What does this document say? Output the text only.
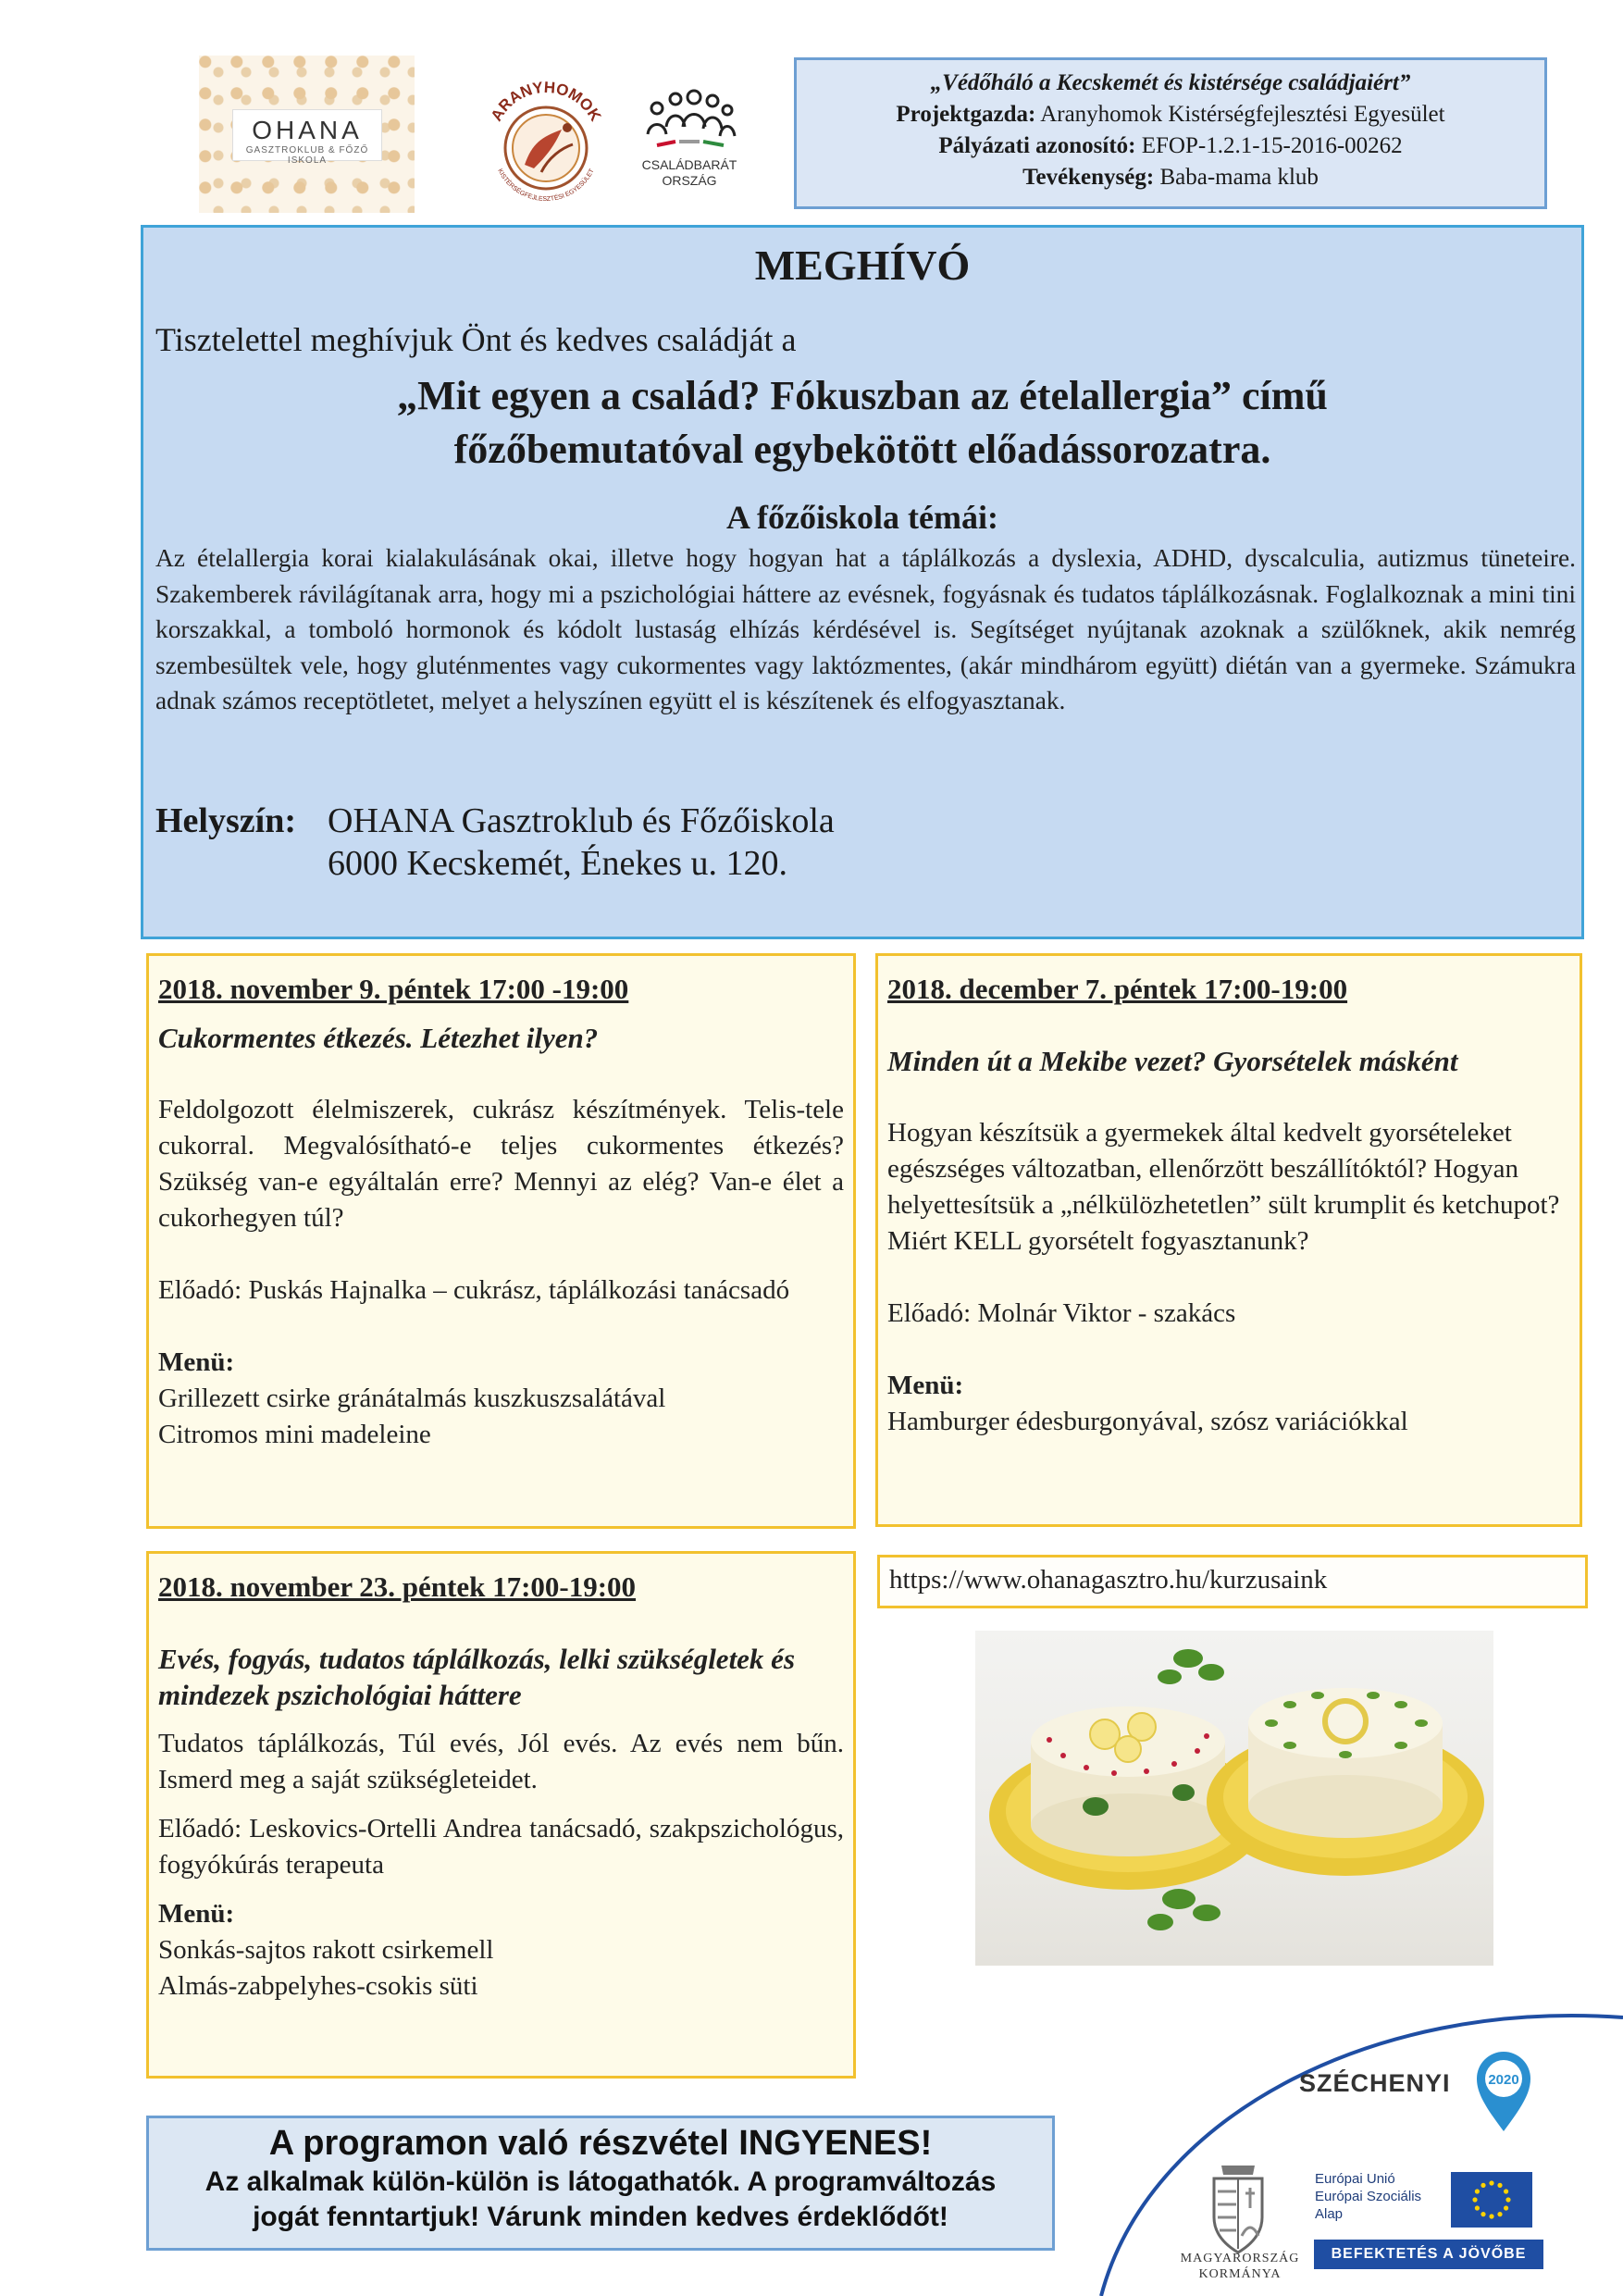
OHANA
GASZTROKLUB & FŐZŐ ISKOLA
ARANYHOMOK
KISTÉRSÉGFEJLESZTÉSI EGYESÜLET	CSALÁDBARÁT
ORSZÁG
„Védőháló a Kecskemét és kistérsége családjaiért”
Projektgazda: Aranyhomok Kistérségfejlesztési Egyesület
Pályázati azonosító: EFOP-1.2.1-15-2016-00262
Tevékenység: Baba-mama klub
MEGHÍVÓ
Tisztelettel meghívjuk Önt és kedves családját a
„Mit egyen a család? Fókuszban az ételallergia” című
főzőbemutatóval egybekötött előadássorozatra.
A főzőiskola témái:
Az ételallergia korai kialakulásának okai, illetve hogy hogyan hat a táplálkozás a dyslexia, ADHD, dyscalculia, autizmus tüneteire. Szakemberek rávilágítanak arra, hogy mi a pszichológiai háttere az evésnek, fogyásnak és tudatos táplálkozásnak. Foglalkoznak a mini tini korszakkal, a tomboló hormonok és kódolt lustaság elhízás kérdésével is. Segítséget nyújtanak azoknak a szülőknek, akik nemrég szembesültek vele, hogy gluténmentes vagy cukormentes vagy laktózmentes, (akár mindhárom együtt) diétán van a gyermeke. Számukra adnak számos receptötletet, melyet a helyszínen együtt el is készítenek és elfogyasztanak.
Helyszín: OHANA Gasztroklub és Főzőiskola
6000 Kecskemét, Énekes u. 120.
2018. november 9. péntek 17:00 -19:00
Cukormentes étkezés. Létezhet ilyen?
Feldolgozott élelmiszerek, cukrász készítmények. Telis-tele cukorral. Megvalósítható-e teljes cukormentes étkezés? Szükség van-e egyáltalán erre? Mennyi az elég? Van-e élet a cukorhegyen túl?
Előadó: Puskás Hajnalka – cukrász, táplálkozási tanácsadó
Menü:
Grillezett csirke gránátalmás kuszkuszsalátával
Citromos mini madeleine
2018. december 7. péntek 17:00-19:00
Minden út a Mekibe vezet? Gyorsételek másként
Hogyan készítsük a gyermekek által kedvelt gyorsételeket egészséges változatban, ellenőrzött beszállítóktól? Hogyan helyettesítsük a „nélkülözhetetlen” sült krumplit és ketchupot? Miért KELL gyorsételt fogyasztanunk?
Előadó: Molnár Viktor - szakács
Menü:
Hamburger édesburgonyával, szósz variációkkal
2018. november 23. péntek 17:00-19:00
Evés, fogyás, tudatos táplálkozás, lelki szükségletek és mindezek pszichológiai háttere
Tudatos táplálkozás, Túl evés, Jól evés. Az evés nem bűn. Ismerd meg a saját szükségleteidet.
Előadó: Leskovics-Ortelli Andrea tanácsadó, szakpszichológus, fogyókúrás terapeuta
Menü:
Sonkás-sajtos rakott csirkemell
Almás-zabpelyhes-csokis süti
https://www.ohanagasztro.hu/kurzusaink
SZÉCHENYI	2020
MAGYARORSZÁG
KORMÁNYA
Európai Unió
Európai Szociális
Alap
BEFEKTETÉS A JÖVŐBE
A programon való részvétel INGYENES!
Az alkalmak külön-külön is látogathatók. A programváltozás
jogát fenntartjuk! Várunk minden kedves érdeklődőt!
